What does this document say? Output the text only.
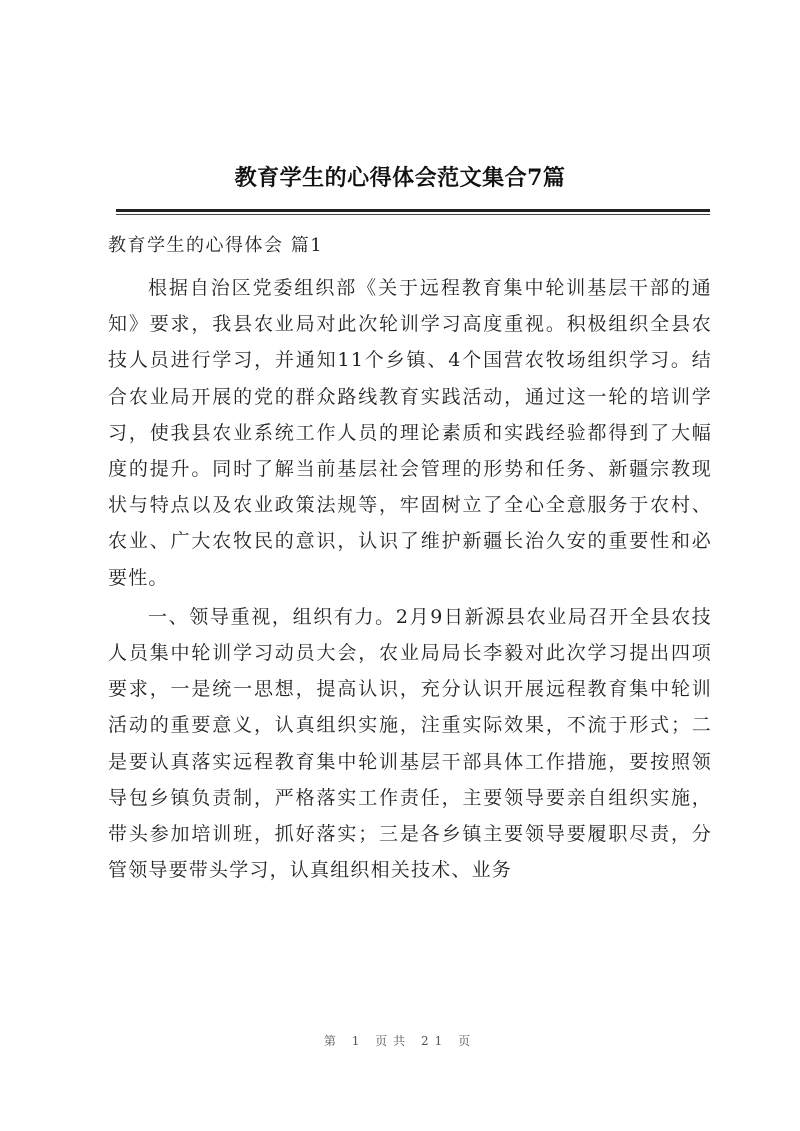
教育学生的心得体会范文集合7篇
教育学生的心得体会 篇1

根据自治区党委组织部《关于远程教育集中轮训基层干部的通知》要求，我县农业局对此次轮训学习高度重视。积极组织全县农技人员进行学习，并通知11个乡镇、4个国营农牧场组织学习。结合农业局开展的党的群众路线教育实践活动，通过这一轮的培训学习，使我县农业系统工作人员的理论素质和实践经验都得到了大幅度的提升。同时了解当前基层社会管理的形势和任务、新疆宗教现状与特点以及农业政策法规等，牢固树立了全心全意服务于农村、农业、广大农牧民的意识，认识了维护新疆长治久安的重要性和必要性。

一、领导重视，组织有力。2月9日新源县农业局召开全县农技人员集中轮训学习动员大会，农业局局长李毅对此次学习提出四项要求，一是统一思想，提高认识，充分认识开展远程教育集中轮训活动的重要意义，认真组织实施，注重实际效果，不流于形式；二是要认真落实远程教育集中轮训基层干部具体工作措施，要按照领导包乡镇负责制，严格落实工作责任，主要领导要亲自组织实施，带头参加培训班，抓好落实；三是各乡镇主要领导要履职尽责，分管领导要带头学习，认真组织相关技术、业务

第 1 页共 21 页
